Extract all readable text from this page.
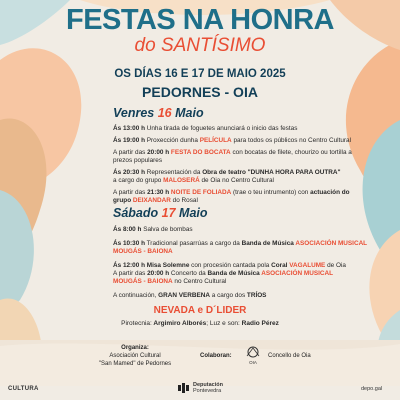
FESTAS NA HONRA
do SANTÍSIMO
OS DÍAS 16 E 17 DE MAIO 2025
PEDORNES - OIA
Venres 16 Maio
Ás 13:00 h Unha tirada de foguetes anunciará o inicio das festas
Ás 19:00 h Proxección dunha PELÍCULA para todos os públicos no Centro Cultural
A partir das 20:00 h FESTA DO BOCATA con bocatas de filete, chourizo ou tortilla a
prezos populares
Ás 20:30 h Representación da Obra de teatro "DUNHA HORA PARA OUTRA"
a cargo do grupo MALOSERÁ de Oia no Centro Cultural
A partir das 21:30 h NOITE DE FOLIADA (trae o teu intrumento) con actuación do
grupo DEIXANDAR do Rosal
Sábado 17 Maio
Ás 8:00 h Salva de bombas
Ás 10:30 h Tradicional pasarrúas a cargo da Banda de Música ASOCIACIÓN MUSICAL
MOUGÁS - BAIONA
Ás 12:00 h Misa Solemne con procesión cantada pola Coral VAGALUME de Oia
A partir das 20:00 h Concerto da Banda de Música ASOCIACIÓN MUSICAL
MOUGÁS - BAIONA no Centro Cultural
A continuación, GRAN VERBENA a cargo dos TRÍOS
NEVADA e D´LIDER
Pirotecnia: Argimiro Alborés; Luz e son: Radio Pérez
Organiza:
Asociación Cultural
"San Mamed" de Pedornes
Colaboran:
OIA
Concello de Oia
CULTURA
Deputación
Pontevedra	depo.gal
